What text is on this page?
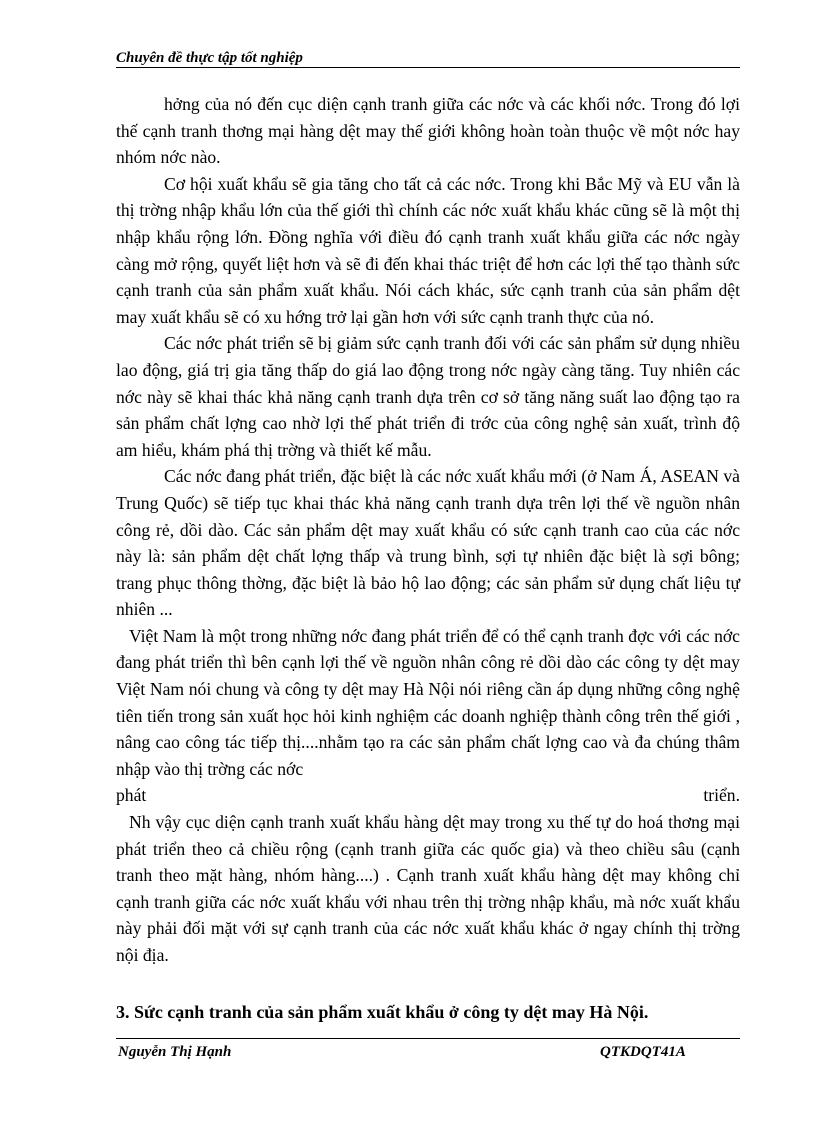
Chuyên đề thực tập tốt nghiệp

hởng của nó đến cục diện cạnh tranh giữa các nớc và các khối nớc. Trong đó lợi thế cạnh tranh thơng mại hàng dệt may thế giới không hoàn toàn thuộc về một nớc hay nhóm nớc nào.

Cơ hội xuất khẩu sẽ gia tăng cho tất cả các nớc. Trong khi Bắc Mỹ và EU vẫn là thị trờng nhập khẩu lớn của thế giới thì chính các nớc xuất khẩu khác cũng sẽ là một thị nhập khẩu rộng lớn. Đồng nghĩa với điều đó cạnh tranh xuất khẩu giữa các nớc ngày càng mở rộng, quyết liệt hơn và sẽ đi đến khai thác triệt để hơn các lợi thế tạo thành sức cạnh tranh của sản phẩm xuất khẩu. Nói cách khác, sức cạnh tranh của sản phẩm dệt may xuất khẩu sẽ có xu hớng trở lại gần hơn với sức cạnh tranh thực của nó.

Các nớc phát triển sẽ bị giảm sức cạnh tranh đối với các sản phẩm sử dụng nhiều lao động, giá trị gia tăng thấp do giá lao động trong nớc ngày càng tăng. Tuy nhiên các nớc này sẽ khai thác khả năng cạnh tranh dựa trên cơ sở tăng năng suất lao động tạo ra sản phẩm chất lợng cao nhờ lợi thế phát triển đi trớc của công nghệ sản xuất, trình độ am hiểu, khám phá thị trờng và thiết kế mẫu.

Các nớc đang phát triển, đặc biệt là các nớc xuất khẩu mới (ở Nam Á, ASEAN và Trung Quốc) sẽ tiếp tục khai thác khả năng cạnh tranh dựa trên lợi thế về nguồn nhân công rẻ, dồi dào. Các sản phẩm dệt may xuất khẩu có sức cạnh tranh cao của các nớc này là: sản phẩm dệt chất lợng thấp và trung bình, sợi tự nhiên đặc biệt là sợi bông; trang phục thông thờng, đặc biệt là bảo hộ lao động; các sản phẩm sử dụng chất liệu tự nhiên ...

Việt Nam là một trong những nớc đang phát triển để có thể cạnh tranh đợc với các nớc đang phát triển thì bên cạnh lợi thế về nguồn nhân công rẻ dồi dào các công ty dệt may Việt Nam nói chung và công ty dệt may Hà Nội nói riêng cần áp dụng những công nghệ tiên tiến trong sản xuất học hỏi kinh nghiệm các doanh nghiệp thành công trên thế giới , nâng cao công tác tiếp thị....nhằm tạo ra các sản phẩm chất lợng cao và đa chúng thâm nhập vào thị trờng các nớc

phát	triển.

Nh vậy cục diện cạnh tranh xuất khẩu hàng dệt may trong xu thế tự do hoá thơng mại phát triển theo cả chiều rộng (cạnh tranh giữa các quốc gia) và theo chiều sâu (cạnh tranh theo mặt hàng, nhóm hàng....) . Cạnh tranh xuất khẩu hàng dệt may không chỉ cạnh tranh giữa các nớc xuất khẩu với nhau trên thị trờng nhập khẩu, mà nớc xuất khẩu này phải đối mặt với sự cạnh tranh của các nớc xuất khẩu khác ở ngay chính thị trờng nội địa.

3. Sức cạnh tranh của sản phẩm xuất khẩu ở công ty dệt may Hà Nội.
Nguyễn Thị Hạnh	QTKDQT41A
